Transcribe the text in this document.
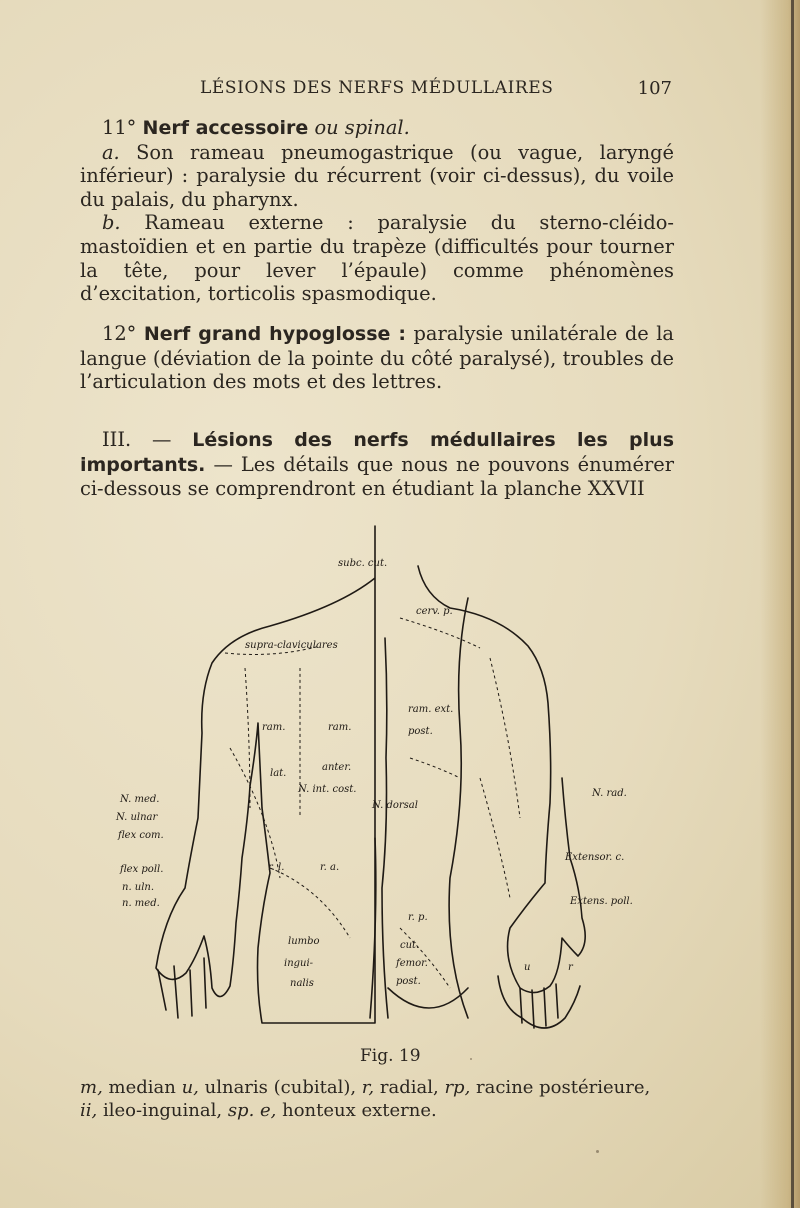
LÉSIONS DES NERFS MÉDULLAIRES	107

11° Nerf accessoire ou spinal.

a. Son rameau pneumogastrique (ou vague, laryngé inférieur) : paralysie du récurrent (voir ci-dessus), du voile du palais, du pharynx.

b. Rameau externe : paralysie du sterno-cléido-mastoïdien et en partie du trapèze (difficultés pour tourner la tête, pour lever l’épaule) comme phénomènes d’excitation, torticolis spasmodique.

12° Nerf grand hypoglosse : paralysie unilatérale de la langue (déviation de la pointe du côté paralysé), troubles de l’articulation des mots et des lettres.

III. — Lésions des nerfs médullaires les plus importants. — Les détails que nous ne pouvons énumérer ci-dessous se comprendront en étudiant la planche XXVII

subc. cut.
supra-claviculares
ram.	ram.
lat.
anter.
N. int. cost.
N. med.
N. ulnar
flex com.
flex poll.
n. uln.
n. med.
r. l.	r. a.
lumbo
ingui-
nalis
cerv. p.
ram. ext.
post.
N. dorsal
N. rad.
Extensor. c.
Extens. poll.
r. p.
cut.
femor.
post.
u	r
Fig. 19

m, median u, ulnaris (cubital), r, radial, rp, racine postérieure,

ii, ileo-inguinal, sp. e, honteux externe.
